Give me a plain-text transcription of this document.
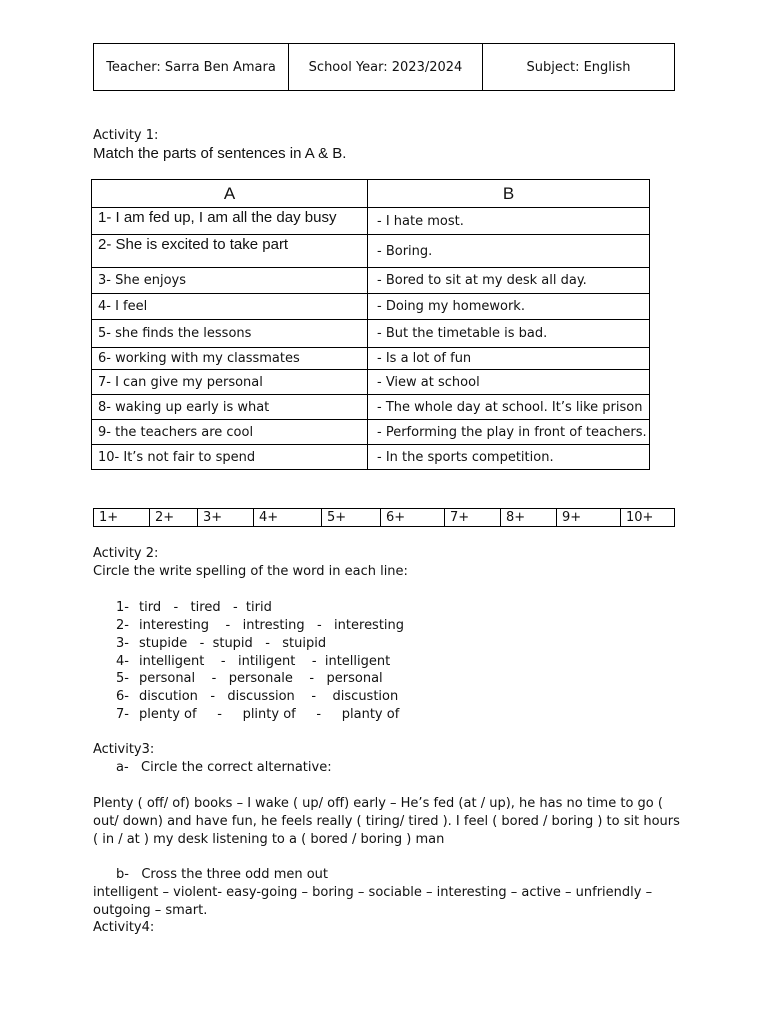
Teacher: Sarra Ben Amara	School Year: 2023/2024	Subject: English
Activity 1:
Match the parts of sentences in A & B.
A	B
1- I am fed up, I am all the day busy	- I hate most.
2- She is excited to take part	- Boring.
3- She enjoys	- Bored to sit at my desk all day.
4- I feel	- Doing my homework.
5- she finds the lessons	- But the timetable is bad.
6- working with my classmates	- Is a lot of fun
7- I can give my personal	- View at school
8- waking up early is what	- The whole day at school. It’s like prison
9- the teachers are cool	- Performing the play in front of teachers.
10- It’s not fair to spend	- In the sports competition.
1+	2+	3+	4+	5+	6+	7+	8+	9+	10+
Activity 2:
Circle the write spelling of the word in each line:
1- tird   -   tired   -  tirid
2- interesting    -   intresting   -   interesting
3- stupide   -  stupid   -   stuipid
4- intelligent    -   intiligent    -  intelligent
5- personal    -   personale    -   personal
6- discution   -   discussion    -    discustion
7- plenty of     -     plinty of     -     planty of
Activity3:
a-   Circle the correct alternative:
Plenty ( off/ of) books – I wake ( up/ off) early – He’s fed (at / up), he has no time to go ( out/ down) and have fun, he feels really ( tiring/ tired ). I feel ( bored / boring ) to sit hours ( in / at ) my desk listening to a ( bored / boring ) man
b-   Cross the three odd men out
intelligent – violent- easy-going – boring – sociable – interesting – active – unfriendly – outgoing – smart.
Activity4:
